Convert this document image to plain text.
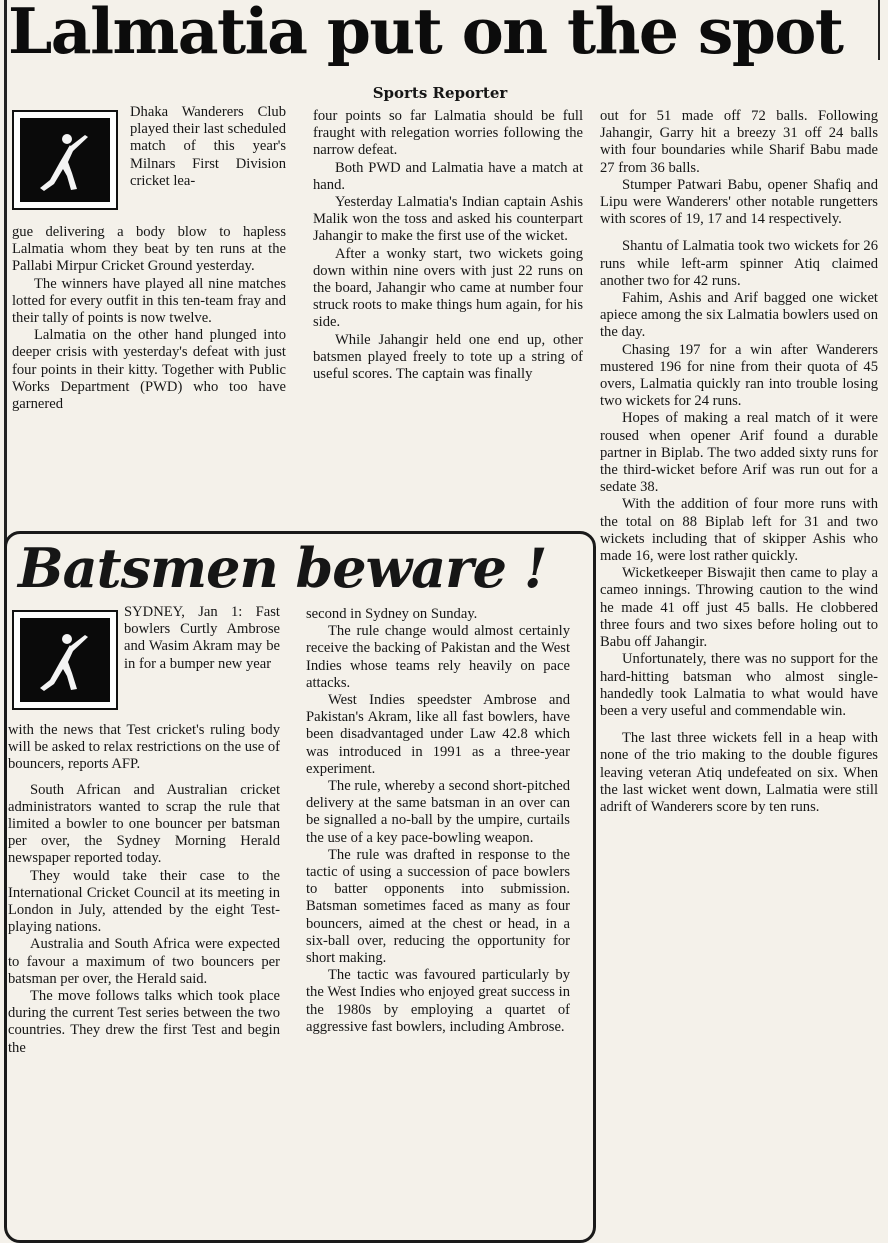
Lalmatia put on the spot
Sports Reporter

Dhaka Wanderers Club played their last scheduled match of this year's Milnars First Division cricket lea-

gue delivering a body blow to hapless Lalmatia whom they beat by ten runs at the Pallabi Mirpur Cricket Ground yesterday.

The winners have played all nine matches lotted for every outfit in this ten-team fray and their tally of points is now twelve.

Lalmatia on the other hand plunged into deeper crisis with yesterday's defeat with just four points in their kitty. Together with Public Works Department (PWD) who too have garnered

four points so far Lalmatia should be full fraught with relegation worries following the narrow defeat.

Both PWD and Lalmatia have a match at hand.

Yesterday Lalmatia's Indian captain Ashis Malik won the toss and asked his counterpart Jahangir to make the first use of the wicket.

After a wonky start, two wickets going down within nine overs with just 22 runs on the board, Jahangir who came at number four struck roots to make things hum again, for his side.

While Jahangir held one end up, other batsmen played freely to tote up a string of useful scores. The captain was finally

out for 51 made off 72 balls. Following Jahangir, Garry hit a breezy 31 off 24 balls with four boundaries while Sharif Babu made 27 from 36 balls.

Stumper Patwari Babu, opener Shafiq and Lipu were Wanderers' other notable rungetters with scores of 19, 17 and 14 respectively.

Shantu of Lalmatia took two wickets for 26 runs while left-arm spinner Atiq claimed another two for 42 runs.

Fahim, Ashis and Arif bagged one wicket apiece among the six Lalmatia bowlers used on the day.

Chasing 197 for a win after Wanderers mustered 196 for nine from their quota of 45 overs, Lalmatia quickly ran into trouble losing two wickets for 24 runs.

Hopes of making a real match of it were roused when opener Arif found a durable partner in Biplab. The two added sixty runs for the third-wicket before Arif was run out for a sedate 38.

With the addition of four more runs with the total on 88 Biplab left for 31 and two wickets including that of skipper Ashis who made 16, were lost rather quickly.

Wicketkeeper Biswajit then came to play a cameo innings. Throwing caution to the wind he made 41 off just 45 balls. He clobbered three fours and two sixes before holing out to Babu off Jahangir.

Unfortunately, there was no support for the hard-hitting batsman who almost single-handedly took Lalmatia to what would have been a very useful and commendable win.

The last three wickets fell in a heap with none of the trio making to the double figures leaving veteran Atiq undefeated on six. When the last wicket went down, Lalmatia were still adrift of Wanderers score by ten runs.

Batsmen beware !

SYDNEY, Jan 1: Fast bowlers Curtly Ambrose and Wasim Akram may be in for a bumper new year

with the news that Test cricket's ruling body will be asked to relax restrictions on the use of bouncers, reports AFP.

South African and Australian cricket administrators wanted to scrap the rule that limited a bowler to one bouncer per batsman per over, the Sydney Morning Herald newspaper reported today.

They would take their case to the International Cricket Council at its meeting in London in July, attended by the eight Test-playing nations.

Australia and South Africa were expected to favour a maximum of two bouncers per batsman per over, the Herald said.

The move follows talks which took place during the current Test series between the two countries. They drew the first Test and begin the

second in Sydney on Sunday.

The rule change would almost certainly receive the backing of Pakistan and the West Indies whose teams rely heavily on pace attacks.

West Indies speedster Ambrose and Pakistan's Akram, like all fast bowlers, have been disadvantaged under Law 42.8 which was introduced in 1991 as a three-year experiment.

The rule, whereby a second short-pitched delivery at the same batsman in an over can be signalled a no-ball by the umpire, curtails the use of a key pace-bowling weapon.

The rule was drafted in response to the tactic of using a succession of pace bowlers to batter opponents into submission. Batsman sometimes faced as many as four bouncers, aimed at the chest or head, in a six-ball over, reducing the opportunity for short making.

The tactic was favoured particularly by the West Indies who enjoyed great success in the 1980s by employing a quartet of aggressive fast bowlers, including Ambrose.
